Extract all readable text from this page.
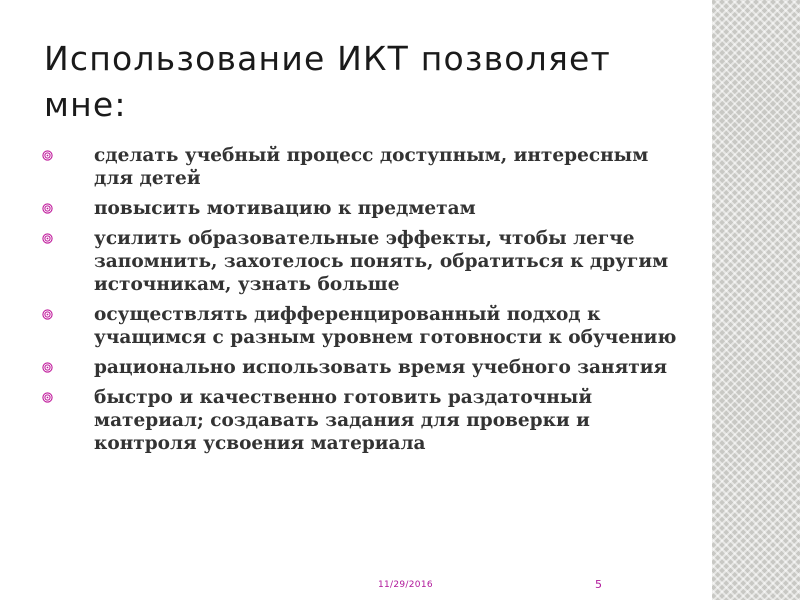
Использование ИКТ позволяет мне:
сделать учебный процесс доступным, интересным для детей
повысить мотивацию к предметам
усилить образовательные эффекты, чтобы легче запомнить, захотелось понять, обратиться к другим источникам, узнать больше
осуществлять дифференцированный подход к учащимся с разным уровнем готовности к обучению
рационально использовать время учебного занятия
быстро и качественно готовить раздаточный материал; создавать задания для проверки и контроля усвоения материала
11/29/2016	5
